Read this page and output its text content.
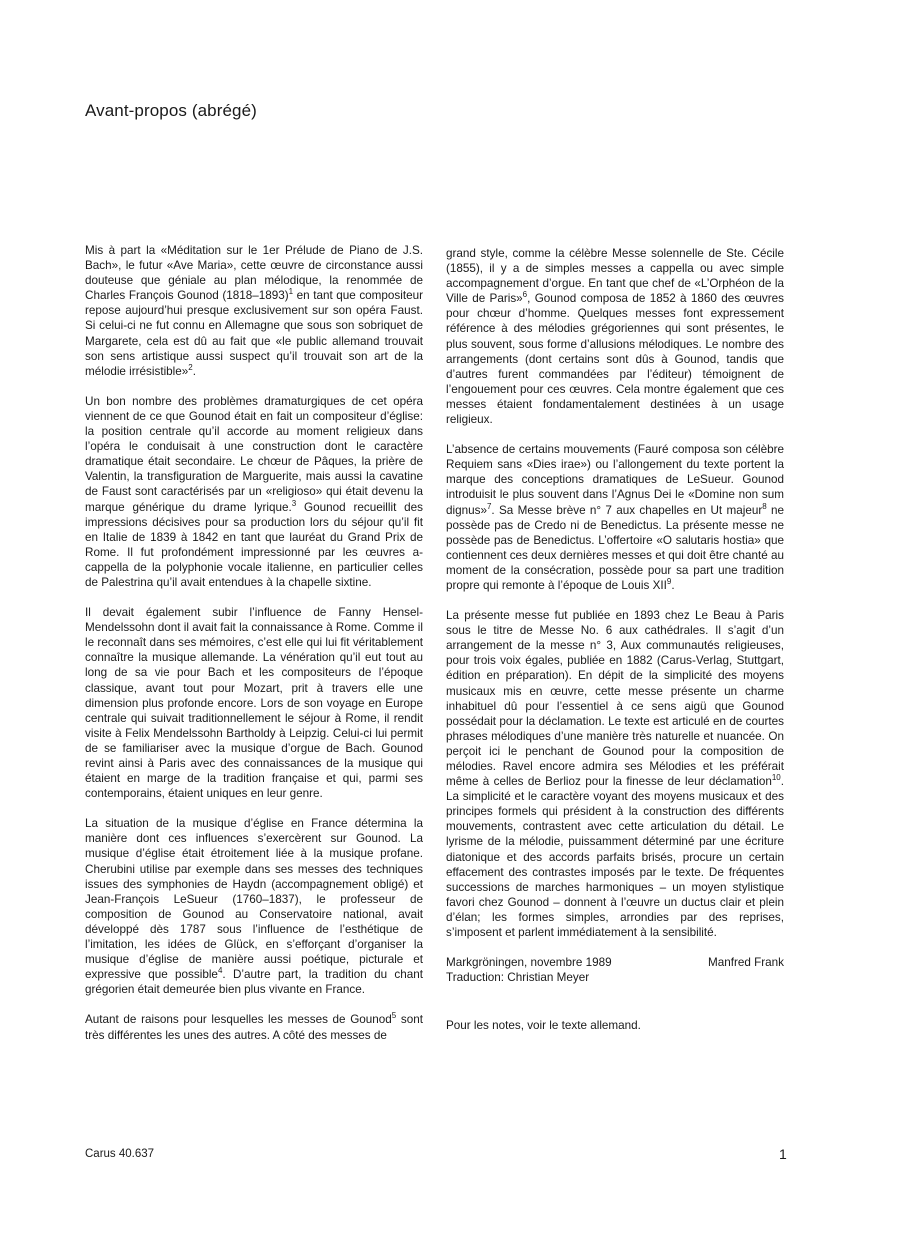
Avant-propos (abrégé)

Mis à part la «Méditation sur le 1er Prélude de Piano de J.S. Bach», le futur «Ave Maria», cette œuvre de circonstance aussi douteuse que géniale au plan mélodique, la renommée de Charles François Gounod (1818–1893)$^1$ en tant que compositeur repose aujourd’hui presque exclusivement sur son opéra Faust. Si celui-ci ne fut connu en Allemagne que sous son sobriquet de Margarete, cela est dû au fait que «le public allemand trouvait son sens artistique aussi suspect qu’il trouvait son art de la mélodie irrésistible»$^2$.

Un bon nombre des problèmes dramaturgiques de cet opéra viennent de ce que Gounod était en fait un compositeur d’église: la position centrale qu’il accorde au moment religieux dans l’opéra le conduisait à une construction dont le caractère dramatique était secondaire. Le chœur de Pâques, la prière de Valentin, la transfiguration de Marguerite, mais aussi la cavatine de Faust sont caractérisés par un «religioso» qui était devenu la marque générique du drame lyrique.$^3$ Gounod recueillit des impressions décisives pour sa production lors du séjour qu’il fit en Italie de 1839 à 1842 en tant que lauréat du Grand Prix de Rome. Il fut profondément impressionné par les œuvres a-cappella de la polyphonie vocale italienne, en particulier celles de Palestrina qu’il avait entendues à la chapelle sixtine.

Il devait également subir l’influence de Fanny Hensel-Mendelssohn dont il avait fait la connaissance à Rome. Comme il le reconnaît dans ses mémoires, c’est elle qui lui fit véritablement connaître la musique allemande. La vénération qu’il eut tout au long de sa vie pour Bach et les compositeurs de l’époque classique, avant tout pour Mozart, prit à travers elle une dimension plus profonde encore. Lors de son voyage en Europe centrale qui suivait traditionnellement le séjour à Rome, il rendit visite à Felix Mendelssohn Bartholdy à Leipzig. Celui-ci lui permit de se familiariser avec la musique d’orgue de Bach. Gounod revint ainsi à Paris avec des connaissances de la musique qui étaient en marge de la tradition française et qui, parmi ses contemporains, étaient uniques en leur genre.

La situation de la musique d’église en France détermina la manière dont ces influences s’exercèrent sur Gounod. La musique d’église était étroitement liée à la musique profane. Cherubini utilise par exemple dans ses messes des techniques issues des symphonies de Haydn (accompagnement obligé) et Jean-François LeSueur (1760–1837), le professeur de composition de Gounod au Conservatoire national, avait développé dès 1787 sous l’influence de l’esthétique de l’imitation, les idées de Glück, en s’efforçant d’organiser la musique d’église de manière aussi poétique, picturale et expressive que possible$^4$. D’autre part, la tradition du chant grégorien était demeurée bien plus vivante en France.

Autant de raisons pour lesquelles les messes de Gounod$^5$ sont très différentes les unes des autres. A côté des messes de

grand style, comme la célèbre Messe solennelle de Ste. Cécile (1855), il y a de simples messes a cappella ou avec simple accompagnement d’orgue. En tant que chef de «L’Orphéon de la Ville de Paris»$^6$, Gounod composa de 1852 à 1860 des œuvres pour chœur d’homme. Quelques messes font expressement référence à des mélodies grégoriennes qui sont présentes, le plus souvent, sous forme d’allusions mélodiques. Le nombre des arrangements (dont certains sont dûs à Gounod, tandis que d’autres furent commandées par l’éditeur) témoignent de l’engouement pour ces œuvres. Cela montre également que ces messes étaient fondamentalement destinées à un usage religieux.

L’absence de certains mouvements (Fauré composa son célèbre Requiem sans «Dies irae») ou l’allongement du texte portent la marque des conceptions dramatiques de LeSueur. Gounod introduisit le plus souvent dans l’Agnus Dei le «Domine non sum dignus»$^7$. Sa Messe brève n° 7 aux chapelles en Ut majeur$^8$ ne possède pas de Credo ni de Benedictus. La présente messe ne possède pas de Benedictus. L’offertoire «O salutaris hostia» que contiennent ces deux dernières messes et qui doit être chanté au moment de la consécration, possède pour sa part une tradition propre qui remonte à l’époque de Louis XII$^9$.

La présente messe fut publiée en 1893 chez Le Beau à Paris sous le titre de Messe No. 6 aux cathédrales. Il s’agit d’un arrangement de la messe n° 3, Aux communautés religieuses, pour trois voix égales, publiée en 1882 (Carus-Verlag, Stuttgart, édition en préparation). En dépit de la simplicité des moyens musicaux mis en œuvre, cette messe présente un charme inhabituel dû pour l’essentiel à ce sens aigü que Gounod possédait pour la déclamation. Le texte est articulé en de courtes phrases mélodiques d’une manière très naturelle et nuancée. On perçoit ici le penchant de Gounod pour la composition de mélodies. Ravel encore admira ses Mélodies et les préférait même à celles de Berlioz pour la finesse de leur déclamation$^{10}$. La simplicité et le caractère voyant des moyens musicaux et des principes formels qui président à la construction des différents mouvements, contrastent avec cette articulation du détail. Le lyrisme de la mélodie, puissamment déterminé par une écriture diatonique et des accords parfaits brisés, procure un certain effacement des contrastes imposés par le texte. De fréquentes successions de marches harmoniques – un moyen stylistique favori chez Gounod – donnent à l’œuvre un ductus clair et plein d’élan; les formes simples, arrondies par des reprises, s’imposent et parlent immédiatement à la sensibilité.

Markgröningen, novembre 1989	Manfred Frank
Traduction: Christian Meyer
Pour les notes, voir le texte allemand.
Carus 40.637	1
